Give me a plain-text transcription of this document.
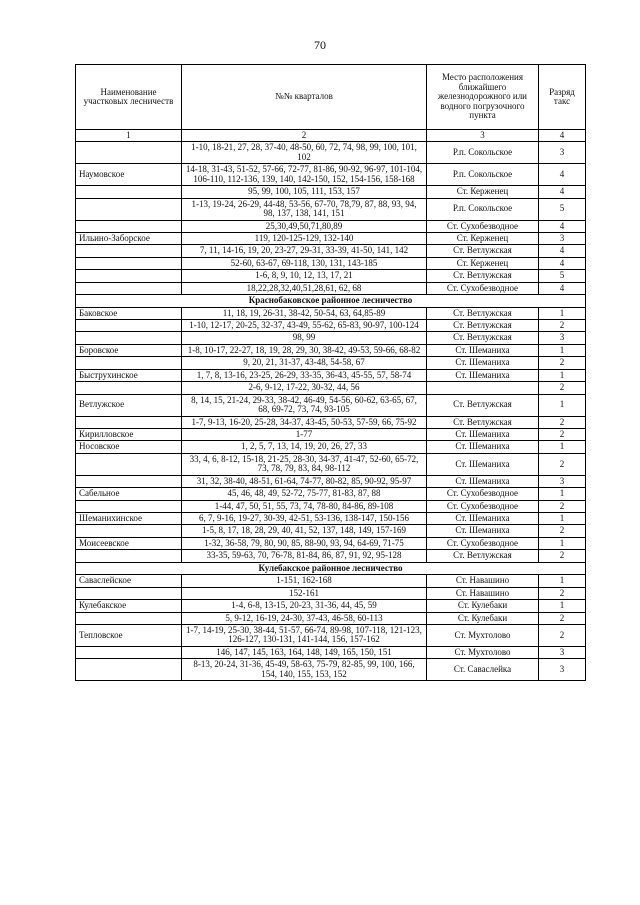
70
Наименование участковых лесничеств	№№ кварталов	Место расположения ближайшего железнодорожного или водного погрузочного пункта	Разряд такс
1	2	3	4
	1-10, 18-21, 27, 28, 37-40, 48-50, 60, 72, 74, 98, 99, 100, 101, 102	Р.п. Сокольское	3
Наумовское	14-18, 31-43, 51-52, 57-66, 72-77, 81-86, 90-92, 96-97, 101-104, 106-110, 112-136, 139, 140, 142-150, 152, 154-156, 158-168	Р.п. Сокольское	4
	95, 99, 100, 105, 111, 153, 157	Ст. Керженец	4
	1-13, 19-24, 26-29, 44-48, 53-56, 67-70, 78,79, 87, 88, 93, 94, 98, 137, 138, 141, 151	Р.п. Сокольское	5
	25,30,49,50,71,80,89	Ст. Сухобезводное	4
Ильино-Заборское	119, 120-125-129, 132-140	Ст. Керженец	3
	7, 11, 14-16, 19, 20, 23-27, 29-31, 33-39, 41-50, 141, 142	Ст. Ветлужская	4
	52-60, 63-67, 69-118, 130, 131, 143-185	Ст. Керженец	4
	1-6, 8, 9, 10, 12, 13, 17, 21	Ст. Ветлужская	5
	18,22,28,32,40,51,28,61, 62, 68	Ст. Сухобезводное	4
Краснобаковское районное лесничество			
Баковское	11, 18, 19, 26-31, 38-42, 50-54, 63, 64,85-89	Ст. Ветлужская	1
	1-10, 12-17, 20-25, 32-37, 43-49, 55-62, 65-83, 90-97, 100-124	Ст. Ветлужская	2
	98, 99	Ст. Ветлужская	3
Боровское	1-8, 10-17, 22-27, 18, 19, 28, 29, 30, 38-42, 49-53, 59-66, 68-82	Ст. Шеманиха	1
	9, 20, 21, 31-37, 43-48, 54-58, 67	Ст. Шеманиха	2
Быструхинское	1, 7, 8, 13-16, 23-25, 26-29, 33-35, 36-43, 45-55, 57, 58-74	Ст. Шеманиха	1
	2-6, 9-12, 17-22, 30-32, 44, 56		2
Ветлужское	8, 14, 15, 21-24, 29-33, 38-42, 46-49, 54-56, 60-62, 63-65, 67, 68, 69-72, 73, 74, 93-105	Ст. Ветлужская	1
	1-7, 9-13, 16-20, 25-28, 34-37, 43-45, 50-53, 57-59, 66, 75-92	Ст. Ветлужская	2
Кирилловское	1-77	Ст. Шеманиха	2
Носовское	1, 2, 5, 7, 13, 14, 19, 20, 26, 27, 33	Ст. Шеманиха	1
	33, 4, 6, 8-12, 15-18, 21-25, 28-30, 34-37, 41-47, 52-60, 65-72, 73, 78, 79, 83, 84, 98-112	Ст. Шеманиха	2
	31, 32, 38-40, 48-51, 61-64, 74-77, 80-82, 85, 90-92, 95-97	Ст. Шеманиха	3
Сабельное	45, 46, 48, 49, 52-72, 75-77, 81-83, 87, 88	Ст. Сухобезводное	1
	1-44, 47, 50, 51, 55, 73, 74, 78-80, 84-86, 89-108	Ст. Сухобезводное	2
Шеманихинское	6, 7, 9-16, 19-27, 30-39, 42-51, 53-136, 138-147, 150-156	Ст. Шеманиха	1
	1-5, 8, 17, 18, 28, 29, 40, 41, 52, 137, 148, 149, 157-169	Ст. Шеманиха	2
Моисеевское	1-32, 36-58, 79, 80, 90, 85, 88-90, 93, 94, 64-69, 71-75	Ст. Сухобезводное	1
	33-35, 59-63, 70, 76-78, 81-84, 86, 87, 91, 92, 95-128	Ст. Ветлужская	2
Кулебакское районное лесничество			
Саваслейское	1-151, 162-168	Ст. Навашино	1
	152-161	Ст. Навашино	2
Кулебакское	1-4, 6-8, 13-15, 20-23, 31-36, 44, 45, 59	Ст. Кулебаки	1
	5, 9-12, 16-19, 24-30, 37-43, 46-58, 60-113	Ст. Кулебаки	2
Тепловское	1-7, 14-19, 25-30, 38-44, 51-57, 66-74, 89-98, 107-118, 121-123, 126-127, 130-131, 141-144, 156, 157-162	Ст. Мухтолово	2
	146, 147, 145, 163, 164, 148, 149, 165, 150, 151	Ст. Мухтолово	3
	8-13, 20-24, 31-36, 45-49, 58-63, 75-79, 82-85, 99, 100, 166, 154, 140, 155, 153, 152	Ст. Саваслейка	3
